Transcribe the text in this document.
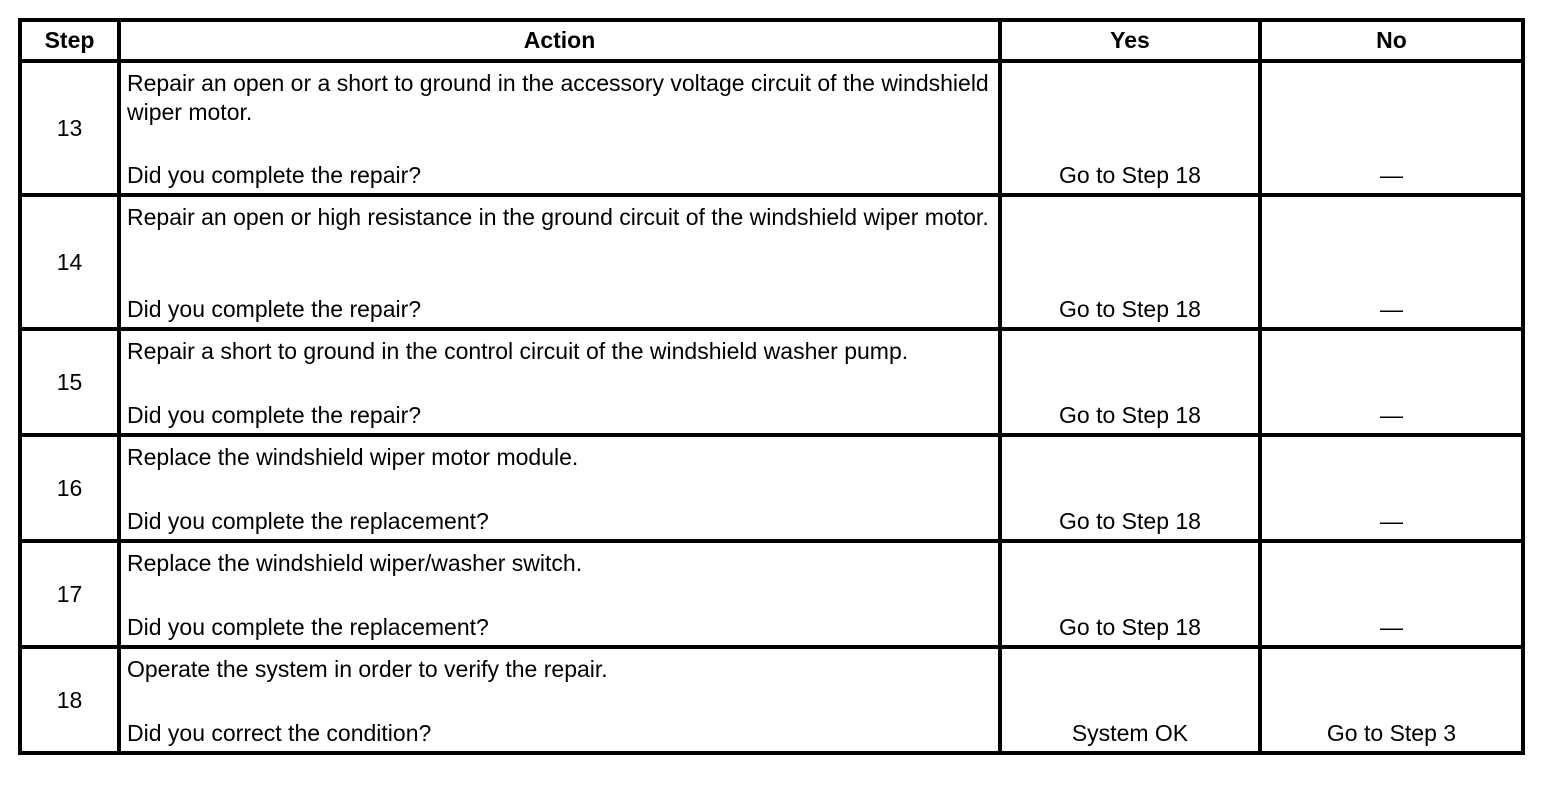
Step	Action	Yes	No
13	Repair an open or a short to ground in the accessory voltage circuit of the windshield wiper motor.
Did you complete the repair?	Go to Step 18	—

14	Repair an open or high resistance in the ground circuit of the windshield wiper motor.
Did you complete the repair?	Go to Step 18	—

15	Repair a short to ground in the control circuit of the windshield washer pump.
Did you complete the repair?	Go to Step 18	—

16	Replace the windshield wiper motor module.
Did you complete the replacement?	Go to Step 18	—

17	Replace the windshield wiper/washer switch.
Did you complete the replacement?	Go to Step 18	—

18	Operate the system in order to verify the repair.
Did you correct the condition?	System OK	Go to Step 3
